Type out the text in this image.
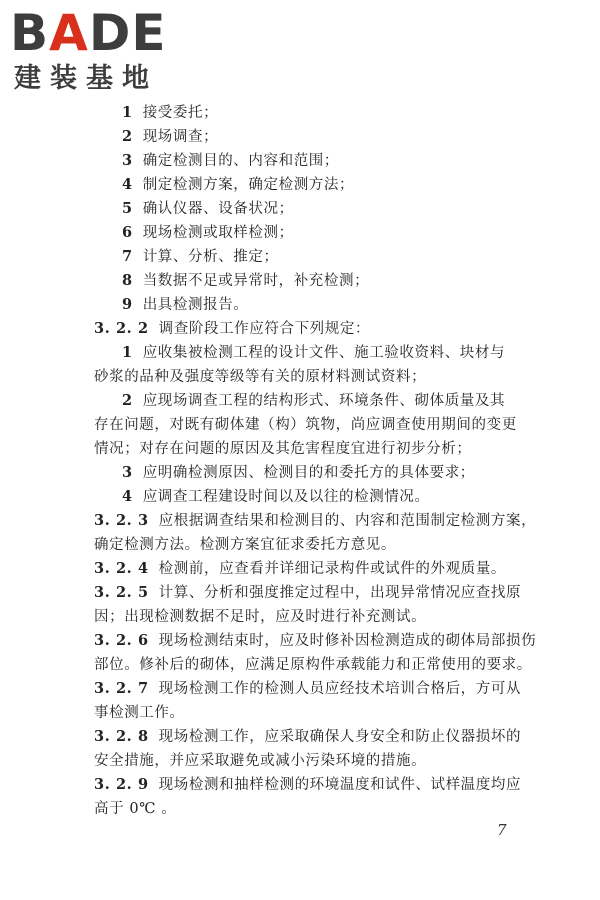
BADE
建装基地
1 接受委托；
2 现场调查；
3 确定检测目的、内容和范围；
4 制定检测方案，确定检测方法；
5 确认仪器、设备状况；
6 现场检测或取样检测；
7 计算、分析、推定；
8 当数据不足或异常时，补充检测；
9 出具检测报告。
3. 2. 2 调查阶段工作应符合下列规定：
1 应收集被检测工程的设计文件、施工验收资料、块材与
砂浆的品种及强度等级等有关的原材料测试资料；
2 应现场调查工程的结构形式、环境条件、砌体质量及其
存在问题，对既有砌体建（构）筑物，尚应调查使用期间的变更
情况；对存在问题的原因及其危害程度宜进行初步分析；
3 应明确检测原因、检测目的和委托方的具体要求；
4 应调查工程建设时间以及以往的检测情况。
3. 2. 3 应根据调查结果和检测目的、内容和范围制定检测方案，
确定检测方法。检测方案宜征求委托方意见。
3. 2. 4 检测前，应查看并详细记录构件或试件的外观质量。
3. 2. 5 计算、分析和强度推定过程中，出现异常情况应查找原
因；出现检测数据不足时，应及时进行补充测试。
3. 2. 6 现场检测结束时，应及时修补因检测造成的砌体局部损伤
部位。修补后的砌体，应满足原构件承载能力和正常使用的要求。
3. 2. 7 现场检测工作的检测人员应经技术培训合格后，方可从
事检测工作。
3. 2. 8 现场检测工作，应采取确保人身安全和防止仪器损坏的
安全措施，并应采取避免或减小污染环境的措施。
3. 2. 9 现场检测和抽样检测的环境温度和试件、试样温度均应
高于 0℃ 。
7
